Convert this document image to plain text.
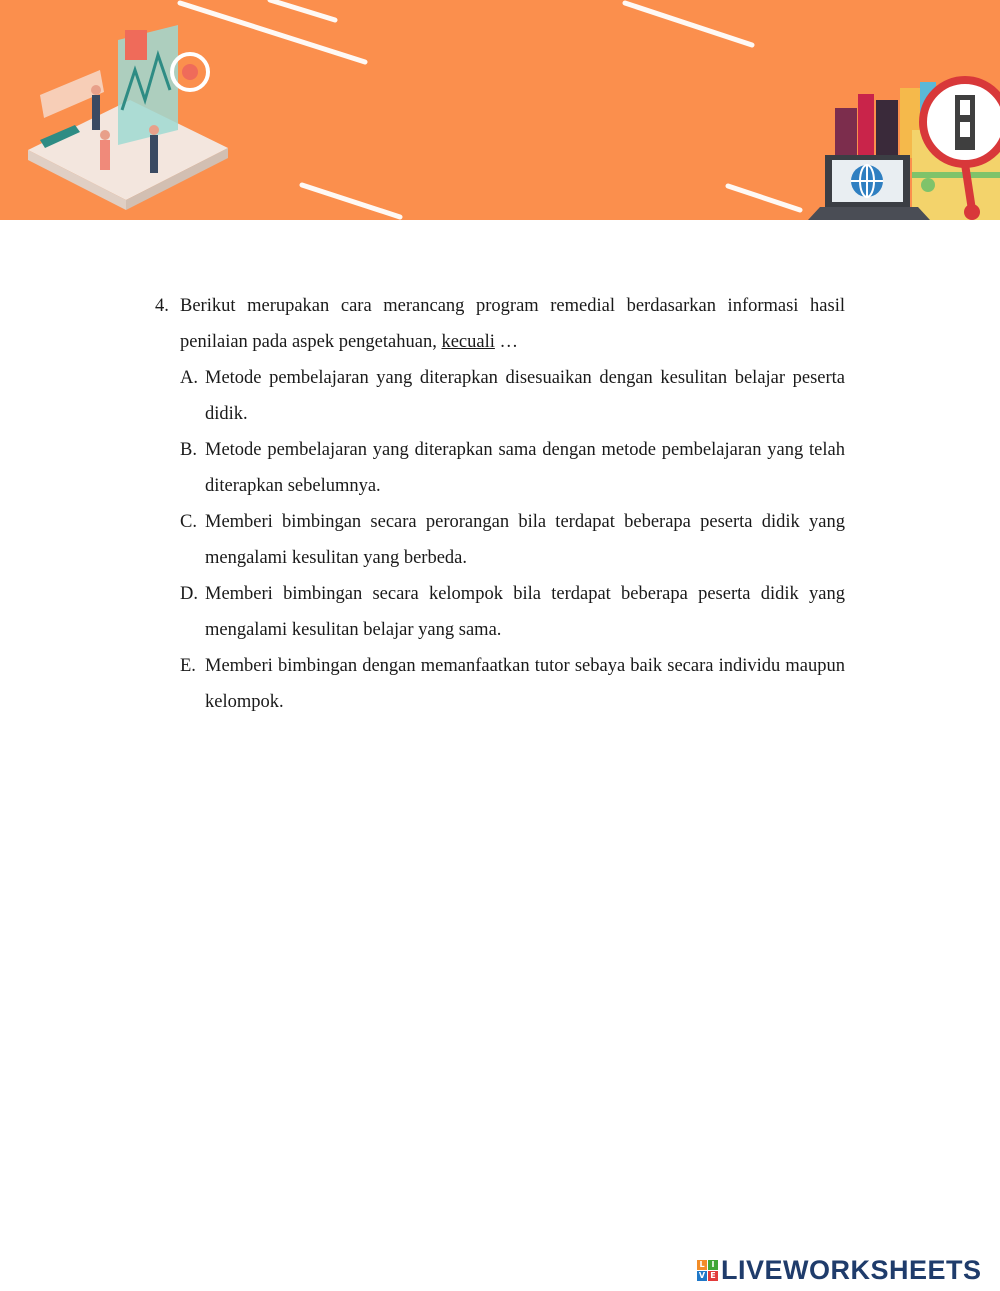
4. Berikut merupakan cara merancang program remedial berdasarkan informasi hasil penilaian pada aspek pengetahuan, kecuali …
A. Metode pembelajaran yang diterapkan disesuaikan dengan kesulitan belajar peserta didik.
B. Metode pembelajaran yang diterapkan sama dengan metode pembelajaran yang telah diterapkan sebelumnya.
C. Memberi bimbingan secara perorangan bila terdapat beberapa peserta didik yang mengalami kesulitan yang berbeda.
D. Memberi bimbingan secara kelompok bila terdapat beberapa peserta didik yang mengalami kesulitan belajar yang sama.
E. Memberi bimbingan dengan memanfaatkan tutor sebaya baik secara individu maupun kelompok.
L I
V E LIVEWORKSHEETS
